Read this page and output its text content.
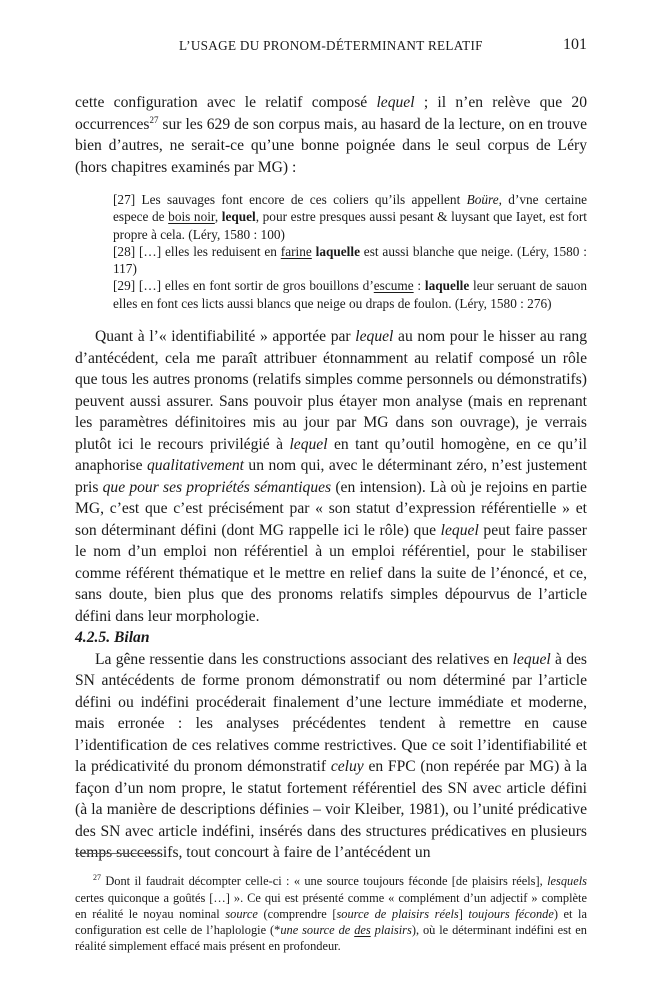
L’USAGE DU PRONOM-DÉTERMINANT RELATIF	101

cette configuration avec le relatif composé lequel ; il n’en relève que 20 occurrences$^{27}$ sur les 629 de son corpus mais, au hasard de la lecture, on en trouve bien d’autres, ne serait-ce qu’une bonne poignée dans le seul corpus de Léry (hors chapitres examinés par MG) :

[27] Les sauvages font encore de ces coliers qu’ils appellent Boüre, d’vne certaine espece de bois noir, lequel, pour estre presques aussi pesant & luysant que Iayet, est fort propre à cela. (Léry, 1580 : 100)

[28] […] elles les reduisent en farine laquelle est aussi blanche que neige. (Léry, 1580 : 117)

[29] […] elles en font sortir de gros bouillons d’escume : laquelle leur seruant de sauon elles en font ces licts aussi blancs que neige ou draps de foulon. (Léry, 1580 : 276)

Quant à l’« identifiabilité » apportée par lequel au nom pour le hisser au rang d’antécédent, cela me paraît attribuer étonnamment au relatif composé un rôle que tous les autres pronoms (relatifs simples comme personnels ou démonstratifs) peuvent aussi assurer. Sans pouvoir plus étayer mon analyse (mais en reprenant les paramètres définitoires mis au jour par MG dans son ouvrage), je verrais plutôt ici le recours privilégié à lequel en tant qu’outil homogène, en ce qu’il anaphorise qualitativement un nom qui, avec le déterminant zéro, n’est justement pris que pour ses propriétés sémantiques (en intension). Là où je rejoins en partie MG, c’est que c’est précisément par « son statut d’expression référentielle » et son déterminant défini (dont MG rappelle ici le rôle) que lequel peut faire passer le nom d’un emploi non référentiel à un emploi référentiel, pour le stabiliser comme référent thématique et le mettre en relief dans la suite de l’énoncé, et ce, sans doute, bien plus que des pronoms relatifs simples dépourvus de l’article défini dans leur morphologie.

4.2.5. Bilan

La gêne ressentie dans les constructions associant des relatives en lequel à des SN antécédents de forme pronom démonstratif ou nom déterminé par l’article défini ou indéfini procéderait finalement d’une lecture immédiate et moderne, mais erronée : les analyses précédentes tendent à remettre en cause l’identification de ces relatives comme restrictives. Que ce soit l’identifiabilité et la prédicativité du pronom démonstratif celuy en FPC (non repérée par MG) à la façon d’un nom propre, le statut fortement référentiel des SN avec article défini (à la manière de descriptions définies – voir Kleiber, 1981), ou l’unité prédicative des SN avec article indéfini, insérés dans des structures prédicatives en plusieurs temps successifs, tout concourt à faire de l’antécédent un

$^{27}$ Dont il faudrait décompter celle-ci : « une source toujours féconde [de plaisirs réels], lesquels certes quiconque a goûtés […] ». Ce qui est présenté comme « complément d’un adjectif » complète en réalité le noyau nominal source (comprendre [source de plaisirs réels] toujours féconde) et la configuration est celle de l’haplologie (*une source de des plaisirs), où le déterminant indéfini est en réalité simplement effacé mais présent en profondeur.
